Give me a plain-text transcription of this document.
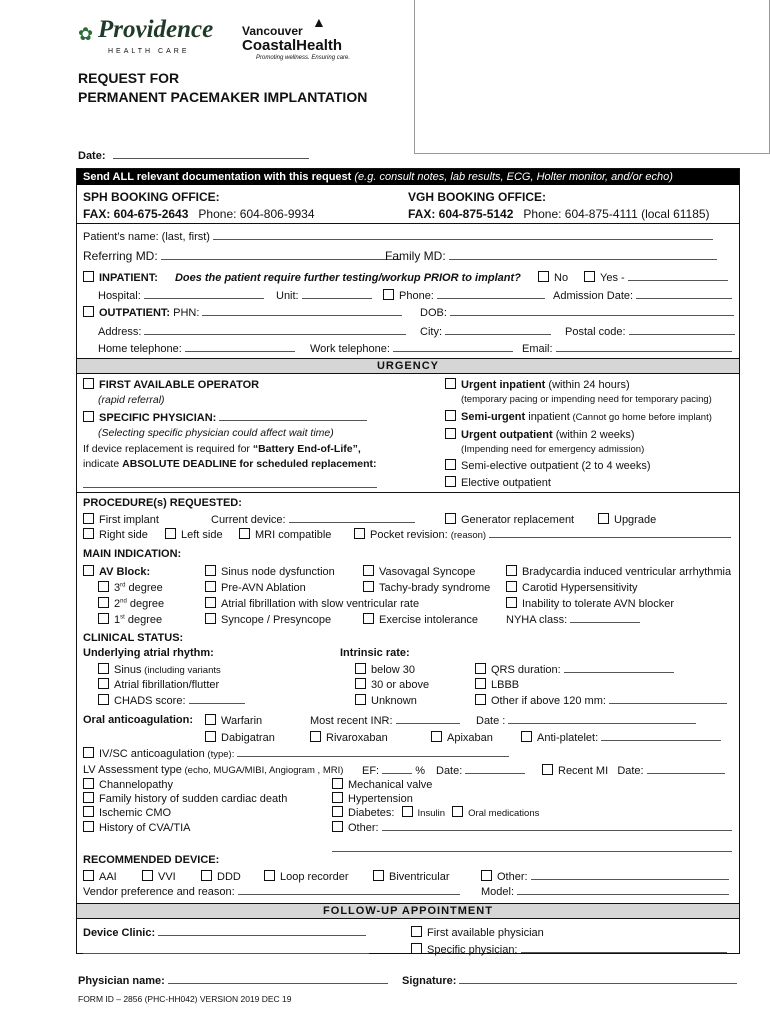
✿ Providence
HEALTH CARE
▲
Vancouver
CoastalHealth
Promoting wellness. Ensuring care.
REQUEST FOR
PERMANENT PACEMAKER IMPLANTATION
Date:
Send ALL relevant documentation with this request (e.g. consult notes, lab results, ECG, Holter monitor, and/or echo)
SPH BOOKING OFFICE:
FAX: 604-675-2643 Phone: 604-806-9934
VGH BOOKING OFFICE:
FAX: 604-875-5142 Phone: 604-875-4111 (local 61185)
Patient’s name: (last, first)
Referring MD:	Family MD:
INPATIENT: Does the patient require further testing/workup PRIOR to implant?	No	Yes -
Hospital:	Unit:	Phone:	Admission Date:
OUTPATIENT: PHN:	DOB:
Address:	City:	Postal code:
Home telephone:	Work telephone:	Email:
URGENCY
FIRST AVAILABLE OPERATOR
(rapid referral)
SPECIFIC PHYSICIAN:
(Selecting specific physician could affect wait time)
If device replacement is required for “Battery End-of-Life”,
indicate ABSOLUTE DEADLINE for scheduled replacement:
Urgent inpatient (within 24 hours)
(temporary pacing or impending need for temporary pacing)
Semi-urgent inpatient (Cannot go home before implant)
Urgent outpatient (within 2 weeks)
(Impending need for emergency admission)
Semi-elective outpatient (2 to 4 weeks)
Elective outpatient
PROCEDURE(s) REQUESTED:
First implant	Current device:	Generator replacement	Upgrade
Right side	Left side	MRI compatible	Pocket revision: (reason)
MAIN INDICATION:
AV Block:
3rd degree
2nd degree
1st degree
Sinus node dysfunction
Pre-AVN Ablation
Atrial fibrillation with slow ventricular rate
Syncope / Presyncope
Vasovagal Syncope
Tachy-brady syndrome
Exercise intolerance
Bradycardia induced ventricular arrhythmia
Carotid Hypersensitivity
Inability to tolerate AVN blocker
NYHA class:
CLINICAL STATUS:
Underlying atrial rhythm:
Sinus (including variants
Atrial fibrillation/flutter
CHADS score:
Intrinsic rate:
below 30
30 or above
Unknown
QRS duration:
LBBB
Other if above 120 mm:
Oral anticoagulation:	Warfarin	Most recent INR:	Date :
Dabigatran	Rivaroxaban	Apixaban	Anti-platelet:
IV/SC anticoagulation (type):
LV Assessment type (echo, MUGA/MIBI, Angiogram , MRI) EF:	% Date:	Recent MI Date:
Channelopathy
Family history of sudden cardiac death
Ischemic CMO
History of CVA/TIA
Mechanical valve
Hypertension
Diabetes: Insulin Oral medications
Other:
RECOMMENDED DEVICE:
AAI	VVI	DDD	Loop recorder	Biventricular	Other:
Vendor preference and reason:	Model:
FOLLOW-UP APPOINTMENT
Device Clinic:	First available physician
Specific physician:
Physician name:	Signature:
FORM ID – 2856 (PHC-HH042) VERSION 2019 DEC 19
